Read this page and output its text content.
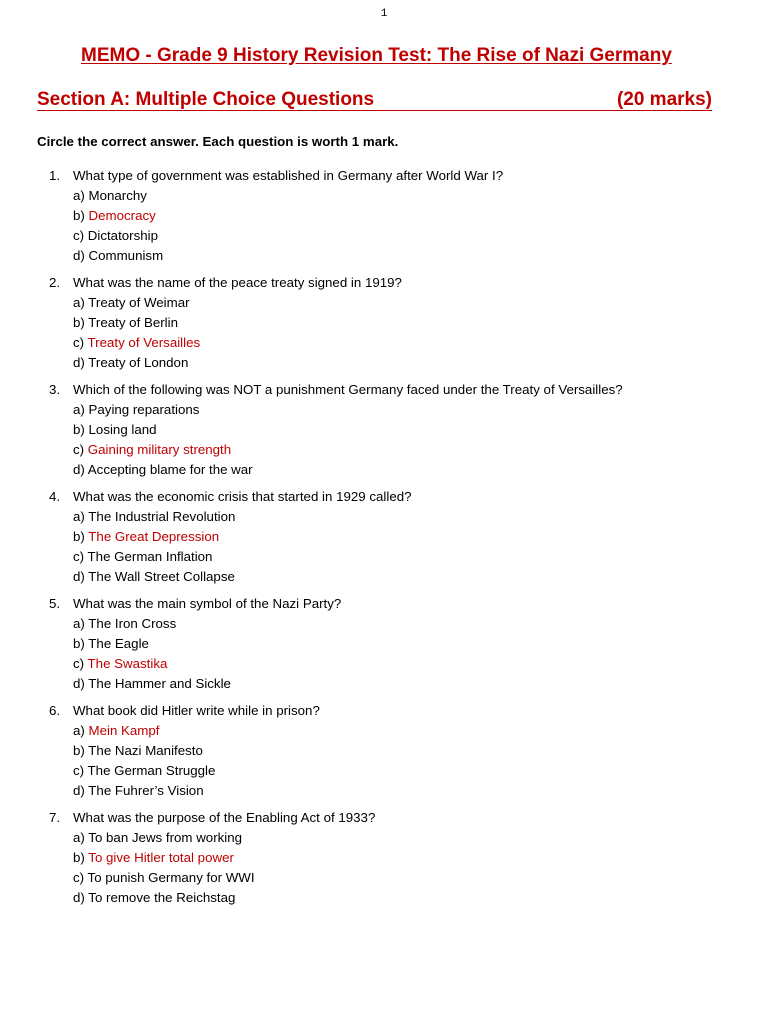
1
MEMO - Grade 9 History Revision Test: The Rise of Nazi Germany
Section A: Multiple Choice Questions	(20 marks)
Circle the correct answer. Each question is worth 1 mark.
1. What type of government was established in Germany after World War I?
a) Monarchy
b) Democracy
c) Dictatorship
d) Communism
2. What was the name of the peace treaty signed in 1919?
a) Treaty of Weimar
b) Treaty of Berlin
c) Treaty of Versailles
d) Treaty of London
3. Which of the following was NOT a punishment Germany faced under the Treaty of Versailles?
a) Paying reparations
b) Losing land
c) Gaining military strength
d) Accepting blame for the war
4. What was the economic crisis that started in 1929 called?
a) The Industrial Revolution
b) The Great Depression
c) The German Inflation
d) The Wall Street Collapse
5. What was the main symbol of the Nazi Party?
a) The Iron Cross
b) The Eagle
c) The Swastika
d) The Hammer and Sickle
6. What book did Hitler write while in prison?
a) Mein Kampf
b) The Nazi Manifesto
c) The German Struggle
d) The Fuhrer’s Vision
7. What was the purpose of the Enabling Act of 1933?
a) To ban Jews from working
b) To give Hitler total power
c) To punish Germany for WWI
d) To remove the Reichstag
